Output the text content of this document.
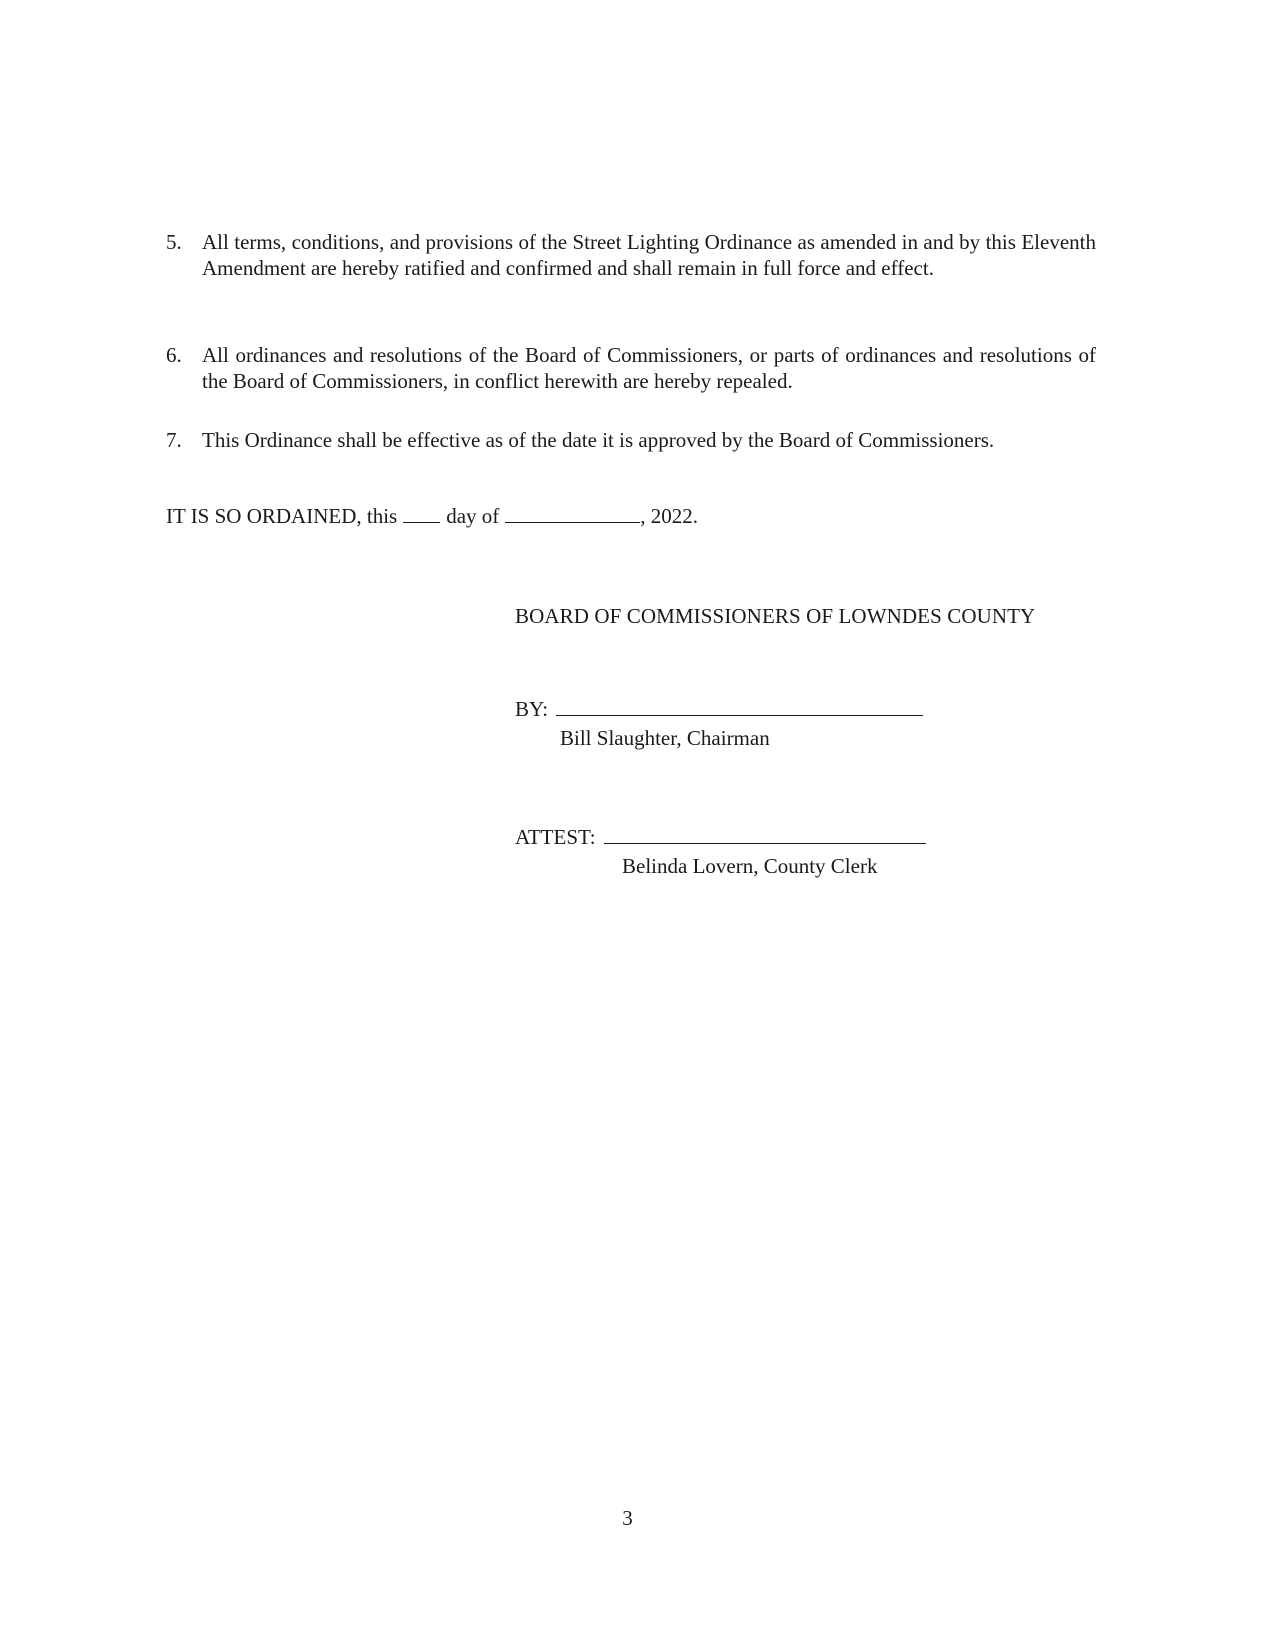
5. All terms, conditions, and provisions of the Street Lighting Ordinance as amended in and by this Eleventh Amendment are hereby ratified and confirmed and shall remain in full force and effect.
6. All ordinances and resolutions of the Board of Commissioners, or parts of ordinances and resolutions of the Board of Commissioners, in conflict herewith are hereby repealed.
7. This Ordinance shall be effective as of the date it is approved by the Board of Commissioners.
IT IS SO ORDAINED, this day of	, 2022.
BOARD OF COMMISSIONERS OF LOWNDES COUNTY
BY:
Bill Slaughter, Chairman
ATTEST:
Belinda Lovern, County Clerk
3
